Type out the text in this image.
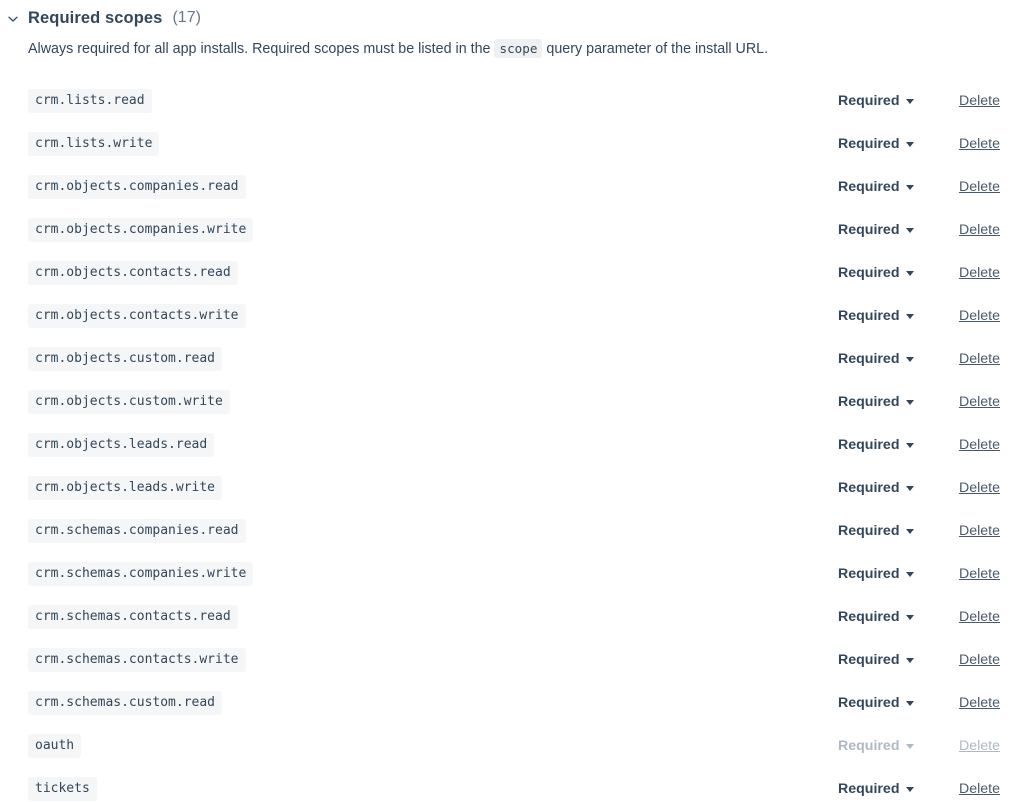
Required scopes (17)
Always required for all app installs. Required scopes must be listed in the scope query parameter of the install URL.
crm.lists.read	Required	Delete
crm.lists.write	Required	Delete
crm.objects.companies.read	Required	Delete
crm.objects.companies.write	Required	Delete
crm.objects.contacts.read	Required	Delete
crm.objects.contacts.write	Required	Delete
crm.objects.custom.read	Required	Delete
crm.objects.custom.write	Required	Delete
crm.objects.leads.read	Required	Delete
crm.objects.leads.write	Required	Delete
crm.schemas.companies.read	Required	Delete
crm.schemas.companies.write	Required	Delete
crm.schemas.contacts.read	Required	Delete
crm.schemas.contacts.write	Required	Delete
crm.schemas.custom.read	Required	Delete
oauth	Required	Delete
tickets	Required	Delete
